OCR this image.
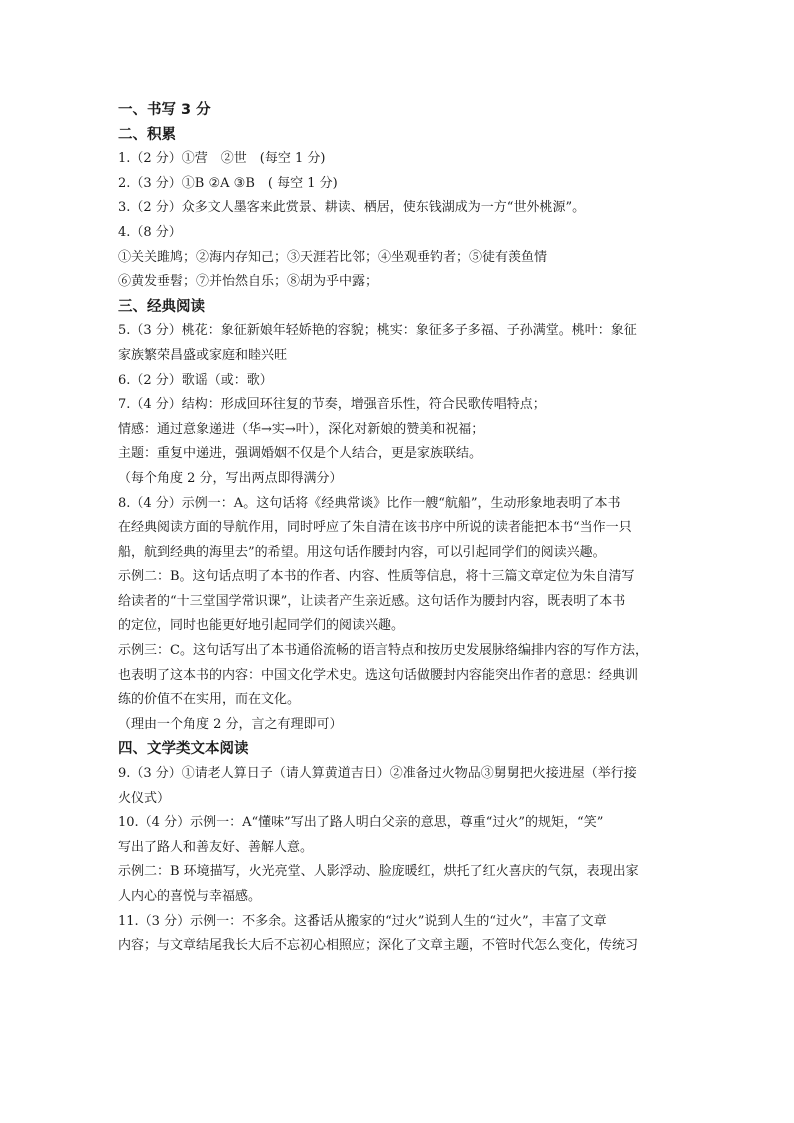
一、书写 3 分
二、积累
1.（2 分）①营　②世　(每空 1 分)
2.（3 分）①B ②A ③B　( 每空 1 分)
3.（2 分）众多文人墨客来此赏景、耕读、栖居，使东钱湖成为一方“世外桃源”。
4.（8 分）
①关关雎鸠；②海内存知己；③天涯若比邻；④坐观垂钓者；⑤徒有羡鱼情
⑥黄发垂髫；⑦并怡然自乐；⑧胡为乎中露；
三、经典阅读
5.（3 分）桃花：象征新娘年轻娇艳的容貌；桃实：象征多子多福、子孙满堂。桃叶：象征
家族繁荣昌盛或家庭和睦兴旺
6.（2 分）歌谣（或：歌）
7.（4 分）结构：形成回环往复的节奏，增强音乐性，符合民歌传唱特点；
情感：通过意象递进（华→实→叶），深化对新娘的赞美和祝福；
主题：重复中递进，强调婚姻不仅是个人结合，更是家族联结。
（每个角度 2 分，写出两点即得满分）
8.（4 分）示例一：A。这句话将《经典常谈》比作一艘“航船”，生动形象地表明了本书
在经典阅读方面的导航作用，同时呼应了朱自清在该书序中所说的读者能把本书“当作一只
船，航到经典的海里去”的希望。用这句话作腰封内容，可以引起同学们的阅读兴趣。
示例二：B。这句话点明了本书的作者、内容、性质等信息，将十三篇文章定位为朱自清写
给读者的“十三堂国学常识课”，让读者产生亲近感。这句话作为腰封内容，既表明了本书
的定位，同时也能更好地引起同学们的阅读兴趣。
示例三：C。这句话写出了本书通俗流畅的语言特点和按历史发展脉络编排内容的写作方法，
也表明了这本书的内容：中国文化学术史。选这句话做腰封内容能突出作者的意思：经典训
练的价值不在实用，而在文化。
（理由一个角度 2 分，言之有理即可）
四、文学类文本阅读
9.（3 分）①请老人算日子（请人算黄道吉日）②准备过火物品③舅舅把火接进屋（举行接
火仪式）
10.（4 分）示例一：A“懂味”写出了路人明白父亲的意思，尊重“过火”的规矩，“笑”
写出了路人和善友好、善解人意。
示例二：B 环境描写，火光亮堂、人影浮动、脸庞暖红，烘托了红火喜庆的气氛，表现出家
人内心的喜悦与幸福感。
11.（3 分）示例一：不多余。这番话从搬家的“过火”说到人生的“过火”，丰富了文章
内容；与文章结尾我长大后不忘初心相照应；深化了文章主题，不管时代怎么变化，传统习
